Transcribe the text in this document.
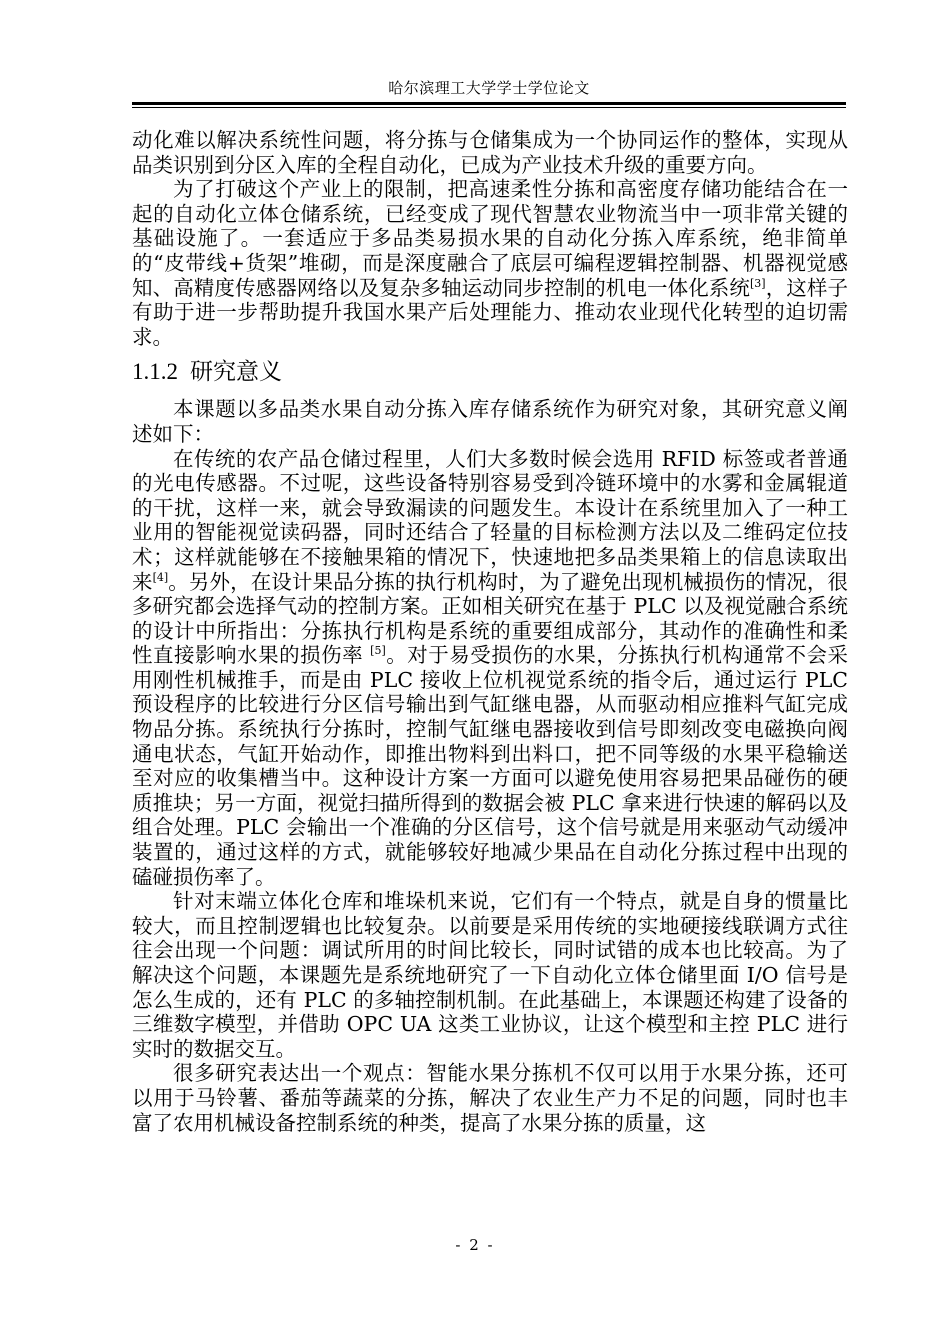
哈尔滨理工大学学士学位论文

动化难以解决系统性问题，将分拣与仓储集成为一个协同运作的整体，实现从品类识别到分区入库的全程自动化，已成为产业技术升级的重要方向。

为了打破这个产业上的限制，把高速柔性分拣和高密度存储功能结合在一起的自动化立体仓储系统，已经变成了现代智慧农业物流当中一项非常关键的基础设施了。一套适应于多品类易损水果的自动化分拣入库系统，绝非简单的“皮带线+货架”堆砌，而是深度融合了底层可编程逻辑控制器、机器视觉感知、高精度传感器网络以及复杂多轴运动同步控制的机电一体化系统[3]，这样子有助于进一步帮助提升我国水果产后处理能力、推动农业现代化转型的迫切需求。

1.1.2 研究意义

本课题以多品类水果自动分拣入库存储系统作为研究对象，其研究意义阐述如下：

在传统的农产品仓储过程里，人们大多数时候会选用 RFID 标签或者普通的光电传感器。不过呢，这些设备特别容易受到冷链环境中的水雾和金属辊道的干扰，这样一来，就会导致漏读的问题发生。本设计在系统里加入了一种工业用的智能视觉读码器，同时还结合了轻量的目标检测方法以及二维码定位技术；这样就能够在不接触果箱的情况下，快速地把多品类果箱上的信息读取出来[4]。另外，在设计果品分拣的执行机构时，为了避免出现机械损伤的情况，很多研究都会选择气动的控制方案。正如相关研究在基于 PLC 以及视觉融合系统的设计中所指出：分拣执行机构是系统的重要组成部分，其动作的准确性和柔性直接影响水果的损伤率 [5]。对于易受损伤的水果，分拣执行机构通常不会采用刚性机械推手，而是由 PLC 接收上位机视觉系统的指令后，通过运行 PLC 预设程序的比较进行分区信号输出到气缸继电器，从而驱动相应推料气缸完成物品分拣。系统执行分拣时，控制气缸继电器接收到信号即刻改变电磁换向阀通电状态，气缸开始动作，即推出物料到出料口，把不同等级的水果平稳输送至对应的收集槽当中。这种设计方案一方面可以避免使用容易把果品碰伤的硬质推块；另一方面，视觉扫描所得到的数据会被 PLC 拿来进行快速的解码以及组合处理。PLC 会输出一个准确的分区信号，这个信号就是用来驱动气动缓冲装置的，通过这样的方式，就能够较好地减少果品在自动化分拣过程中出现的磕碰损伤率了。

针对末端立体化仓库和堆垛机来说，它们有一个特点，就是自身的惯量比较大，而且控制逻辑也比较复杂。以前要是采用传统的实地硬接线联调方式往往会出现一个问题：调试所用的时间比较长，同时试错的成本也比较高。为了解决这个问题，本课题先是系统地研究了一下自动化立体仓储里面 I/O 信号是怎么生成的，还有 PLC 的多轴控制机制。在此基础上，本课题还构建了设备的三维数字模型，并借助 OPC UA 这类工业协议，让这个模型和主控 PLC 进行实时的数据交互。

很多研究表达出一个观点：智能水果分拣机不仅可以用于水果分拣，还可以用于马铃薯、番茄等蔬菜的分拣，解决了农业生产力不足的问题，同时也丰富了农用机械设备控制系统的种类，提高了水果分拣的质量，这

- 2 -
